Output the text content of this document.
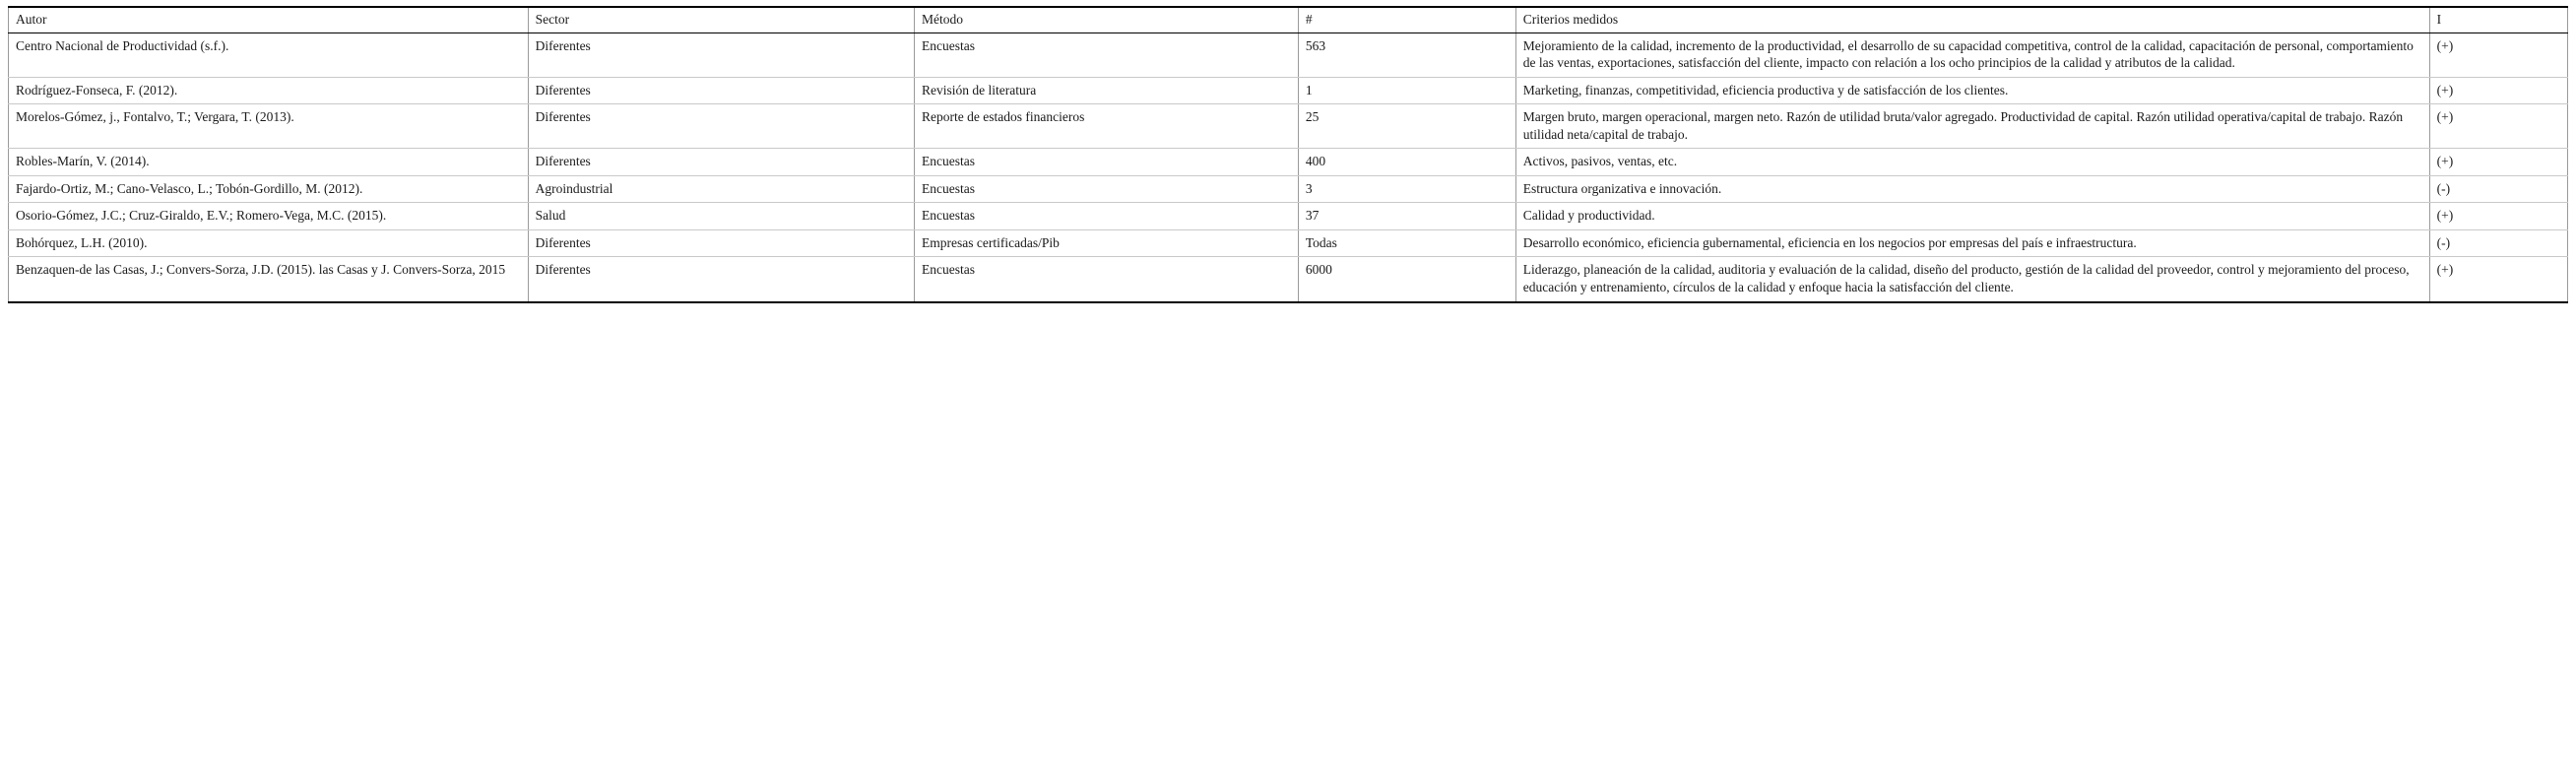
Autor	Sector	Método	#	Criterios medidos	I
Centro Nacional de Productividad (s.f.).	Diferentes	Encuestas	563	Mejoramiento de la calidad, incremento de la productividad, el desarrollo de su capacidad competitiva, control de la calidad, capacitación de personal, comportamiento de las ventas, exportaciones, satisfacción del cliente, impacto con relación a los ocho principios de la calidad y atributos de la calidad.	(+)
Rodríguez-Fonseca, F. (2012).	Diferentes	Revisión de literatura	1	Marketing, finanzas, competitividad, eficiencia productiva y de satisfacción de los clientes.	(+)
Morelos-Gómez, j., Fontalvo, T.; Vergara, T. (2013).	Diferentes	Reporte de estados financieros	25	Margen bruto, margen operacional, margen neto. Razón de utilidad bruta/valor agregado. Productividad de capital. Razón utilidad operativa/capital de trabajo. Razón utilidad neta/capital de trabajo.	(+)
Robles-Marín, V. (2014).	Diferentes	Encuestas	400	Activos, pasivos, ventas, etc.	(+)
Fajardo-Ortiz, M.; Cano-Velasco, L.; Tobón-Gordillo, M. (2012).	Agroindustrial	Encuestas	3	Estructura organizativa e innovación.	(-)
Osorio-Gómez, J.C.; Cruz-Giraldo, E.V.; Romero-Vega, M.C. (2015).	Salud	Encuestas	37	Calidad y productividad.	(+)
Bohórquez, L.H. (2010).	Diferentes	Empresas certificadas/Pib	Todas	Desarrollo económico, eficiencia gubernamental, eficiencia en los negocios por empresas del país e infraestructura.	(-)
Benzaquen-de las Casas, J.; Convers-Sorza, J.D. (2015). las Casas y J. Convers-Sorza, 2015	Diferentes	Encuestas	6000	Liderazgo, planeación de la calidad, auditoria y evaluación de la calidad, diseño del producto, gestión de la calidad del proveedor, control y mejoramiento del proceso, educación y entrenamiento, círculos de la calidad y enfoque hacia la satisfacción del cliente.	(+)
